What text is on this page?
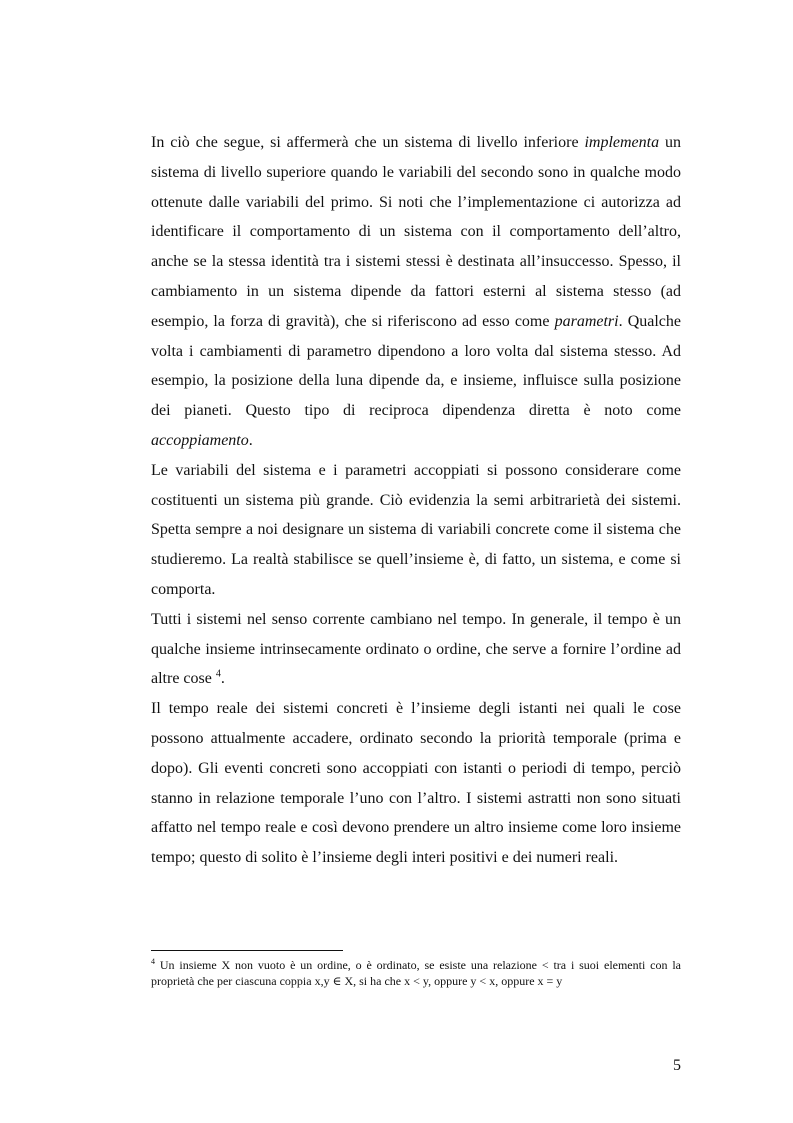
In ciò che segue, si affermerà che un sistema di livello inferiore implementa un sistema di livello superiore quando le variabili del secondo sono in qualche modo ottenute dalle variabili del primo. Si noti che l’implementazione ci autorizza ad identificare il comportamento di un sistema con il comportamento dell’altro, anche se la stessa identità tra i sistemi stessi è destinata all’insuccesso. Spesso, il cambiamento in un sistema dipende da fattori esterni al sistema stesso (ad esempio, la forza di gravità), che si riferiscono ad esso come parametri. Qualche volta i cambiamenti di parametro dipendono a loro volta dal sistema stesso. Ad esempio, la posizione della luna dipende da, e insieme, influisce sulla posizione dei pianeti. Questo tipo di reciproca dipendenza diretta è noto come accoppiamento.

Le variabili del sistema e i parametri accoppiati si possono considerare come costituenti un sistema più grande. Ciò evidenzia la semi arbitrarietà dei sistemi. Spetta sempre a noi designare un sistema di variabili concrete come il sistema che studieremo. La realtà stabilisce se quell’insieme è, di fatto, un sistema, e come si comporta.

Tutti i sistemi nel senso corrente cambiano nel tempo. In generale, il tempo è un qualche insieme intrinsecamente ordinato o ordine, che serve a fornire l’ordine ad altre cose $^4$.

Il tempo reale dei sistemi concreti è l’insieme degli istanti nei quali le cose possono attualmente accadere, ordinato secondo la priorità temporale (prima e dopo). Gli eventi concreti sono accoppiati con istanti o periodi di tempo, perciò stanno in relazione temporale l’uno con l’altro. I sistemi astratti non sono situati affatto nel tempo reale e così devono prendere un altro insieme come loro insieme tempo; questo di solito è l’insieme degli interi positivi e dei numeri reali.

$^4$ Un insieme X non vuoto è un ordine, o è ordinato, se esiste una relazione < tra i suoi elementi con la proprietà che per ciascuna coppia x,y ∈ X, si ha che x < y, oppure y < x, oppure x = y
5
